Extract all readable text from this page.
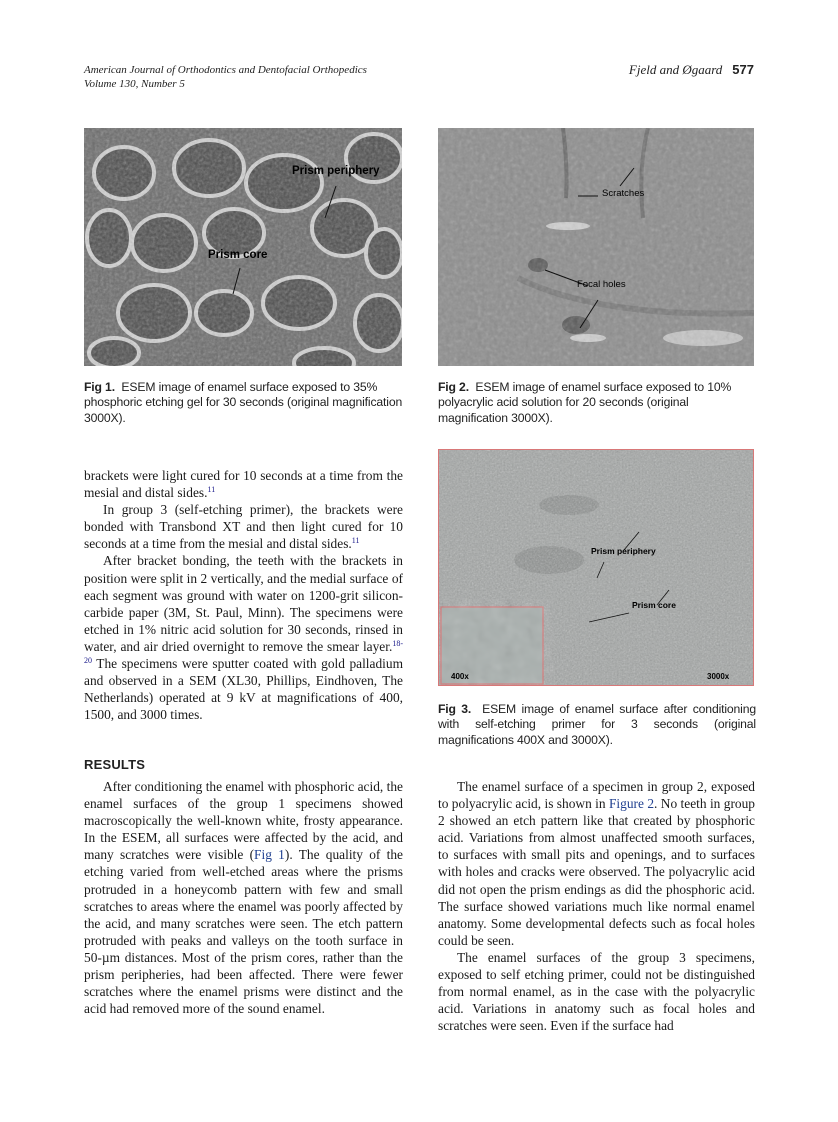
American Journal of Orthodontics and Dentofacial Orthopedics
Volume 130, Number 5
Fjeld and Øgaard 577
Prism periphery
Prism core
Scratches
Focal holes
Prism periphery
Prism core
400x	3000x
Fig 1. ESEM image of enamel surface exposed to 35% phosphoric etching gel for 30 seconds (original magnification 3000X).
Fig 2. ESEM image of enamel surface exposed to 10% polyacrylic acid solution for 20 seconds (original magnification 3000X).
Fig 3. ESEM image of enamel surface after conditioning with self-etching primer for 3 seconds (original magnifications 400X and 3000X).

brackets were light cured for 10 seconds at a time from the mesial and distal sides.$^{11}$

In group 3 (self-etching primer), the brackets were bonded with Transbond XT and then light cured for 10 seconds at a time from the mesial and distal sides.$^{11}$

After bracket bonding, the teeth with the brackets in position were split in 2 vertically, and the medial surface of each segment was ground with water on 1200-grit silicon-carbide paper (3M, St. Paul, Minn). The specimens were etched in 1% nitric acid solution for 30 seconds, rinsed in water, and air dried overnight to remove the smear layer.$^{18-20}$ The specimens were sputter coated with gold palladium and observed in a SEM (XL30, Phillips, Eindhoven, The Netherlands) operated at 9 kV at magnifications of 400, 1500, and 3000 times.

RESULTS

After conditioning the enamel with phosphoric acid, the enamel surfaces of the group 1 specimens showed macroscopically the well-known white, frosty appearance. In the ESEM, all surfaces were affected by the acid, and many scratches were visible (Fig 1). The quality of the etching varied from well-etched areas where the prisms protruded in a honeycomb pattern with few and small scratches to areas where the enamel was poorly affected by the acid, and many scratches were seen. The etch pattern protruded with peaks and valleys on the tooth surface in 50-µm distances. Most of the prism cores, rather than the prism peripheries, had been affected. There were fewer scratches where the enamel prisms were distinct and the acid had removed more of the sound enamel.

The enamel surface of a specimen in group 2, exposed to polyacrylic acid, is shown in Figure 2. No teeth in group 2 showed an etch pattern like that created by phosphoric acid. Variations from almost unaffected smooth surfaces, to surfaces with small pits and openings, and to surfaces with holes and cracks were observed. The polyacrylic acid did not open the prism endings as did the phosphoric acid. The surface showed variations much like normal enamel anatomy. Some developmental defects such as focal holes could be seen.

The enamel surfaces of the group 3 specimens, exposed to self etching primer, could not be distinguished from normal enamel, as in the case with the polyacrylic acid. Variations in anatomy such as focal holes and scratches were seen. Even if the surface had
